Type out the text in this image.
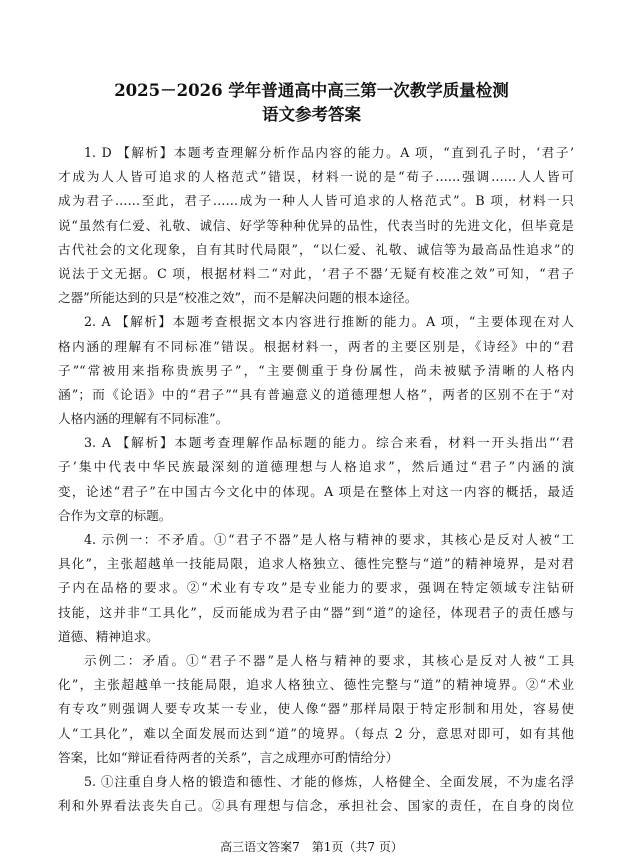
2025－2026 学年普通高中高三第一次教学质量检测
语文参考答案
1. D 【解析】本题考查理解分析作品内容的能力。A 项，“直到孔子时，‘君子’
才成为人人皆可追求的人格范式”错误，材料一说的是“荀子……强调……人人皆可
成为君子……至此，君子……成为一种人人皆可追求的人格范式”。B 项，材料一只
说“虽然有仁爱、礼敬、诚信、好学等种种优异的品性，代表当时的先进文化，但毕竟是
古代社会的文化现象，自有其时代局限”，“以仁爱、礼敬、诚信等为最高品性追求”的
说法于文无据。C 项，根据材料二“对此，‘君子不器’无疑有校准之效”可知，“君子
之器”所能达到的只是“校准之效”，而不是解决问题的根本途径。
2. A 【解析】本题考查根据文本内容进行推断的能力。A 项，“主要体现在对人
格内涵的理解有不同标准”错误。根据材料一，两者的主要区别是，《诗经》中的“君
子”“常被用来指称贵族男子”，“主要侧重于身份属性，尚未被赋予清晰的人格内
涵”；而《论语》中的“君子”“具有普遍意义的道德理想人格”，两者的区别不在于“对
人格内涵的理解有不同标准”。
3. A 【解析】本题考查理解作品标题的能力。综合来看，材料一开头指出“‘君
子’集中代表中华民族最深刻的道德理想与人格追求”，然后通过“君子”内涵的演
变，论述“君子”在中国古今文化中的体现。A 项是在整体上对这一内容的概括，最适
合作为文章的标题。
4. 示例一：不矛盾。①“君子不器”是人格与精神的要求，其核心是反对人被“工
具化”，主张超越单一技能局限，追求人格独立、德性完整与“道”的精神境界，是对君
子内在品格的要求。②“术业有专攻”是专业能力的要求，强调在特定领域专注钻研
技能，这并非“工具化”，反而能成为君子由“器”到“道”的途径，体现君子的责任感与
道德、精神追求。
示例二：矛盾。①“君子不器”是人格与精神的要求，其核心是反对人被“工具
化”，主张超越单一技能局限，追求人格独立、德性完整与“道”的精神境界。②“术业
有专攻”则强调人要专攻某一专业，使人像“器”那样局限于特定形制和用处，容易使
人“工具化”，难以全面发展而达到“道”的境界。（每点 2 分，意思对即可，如有其他
答案，比如“辩证看待两者的关系”，言之成理亦可酌情给分）
5. ①注重自身人格的锻造和德性、才能的修炼，人格健全、全面发展，不为虚名浮
利和外界看法丧失自己。②具有理想与信念，承担社会、国家的责任，在自身的岗位
高三语文答案7　第1页（共7 页）
